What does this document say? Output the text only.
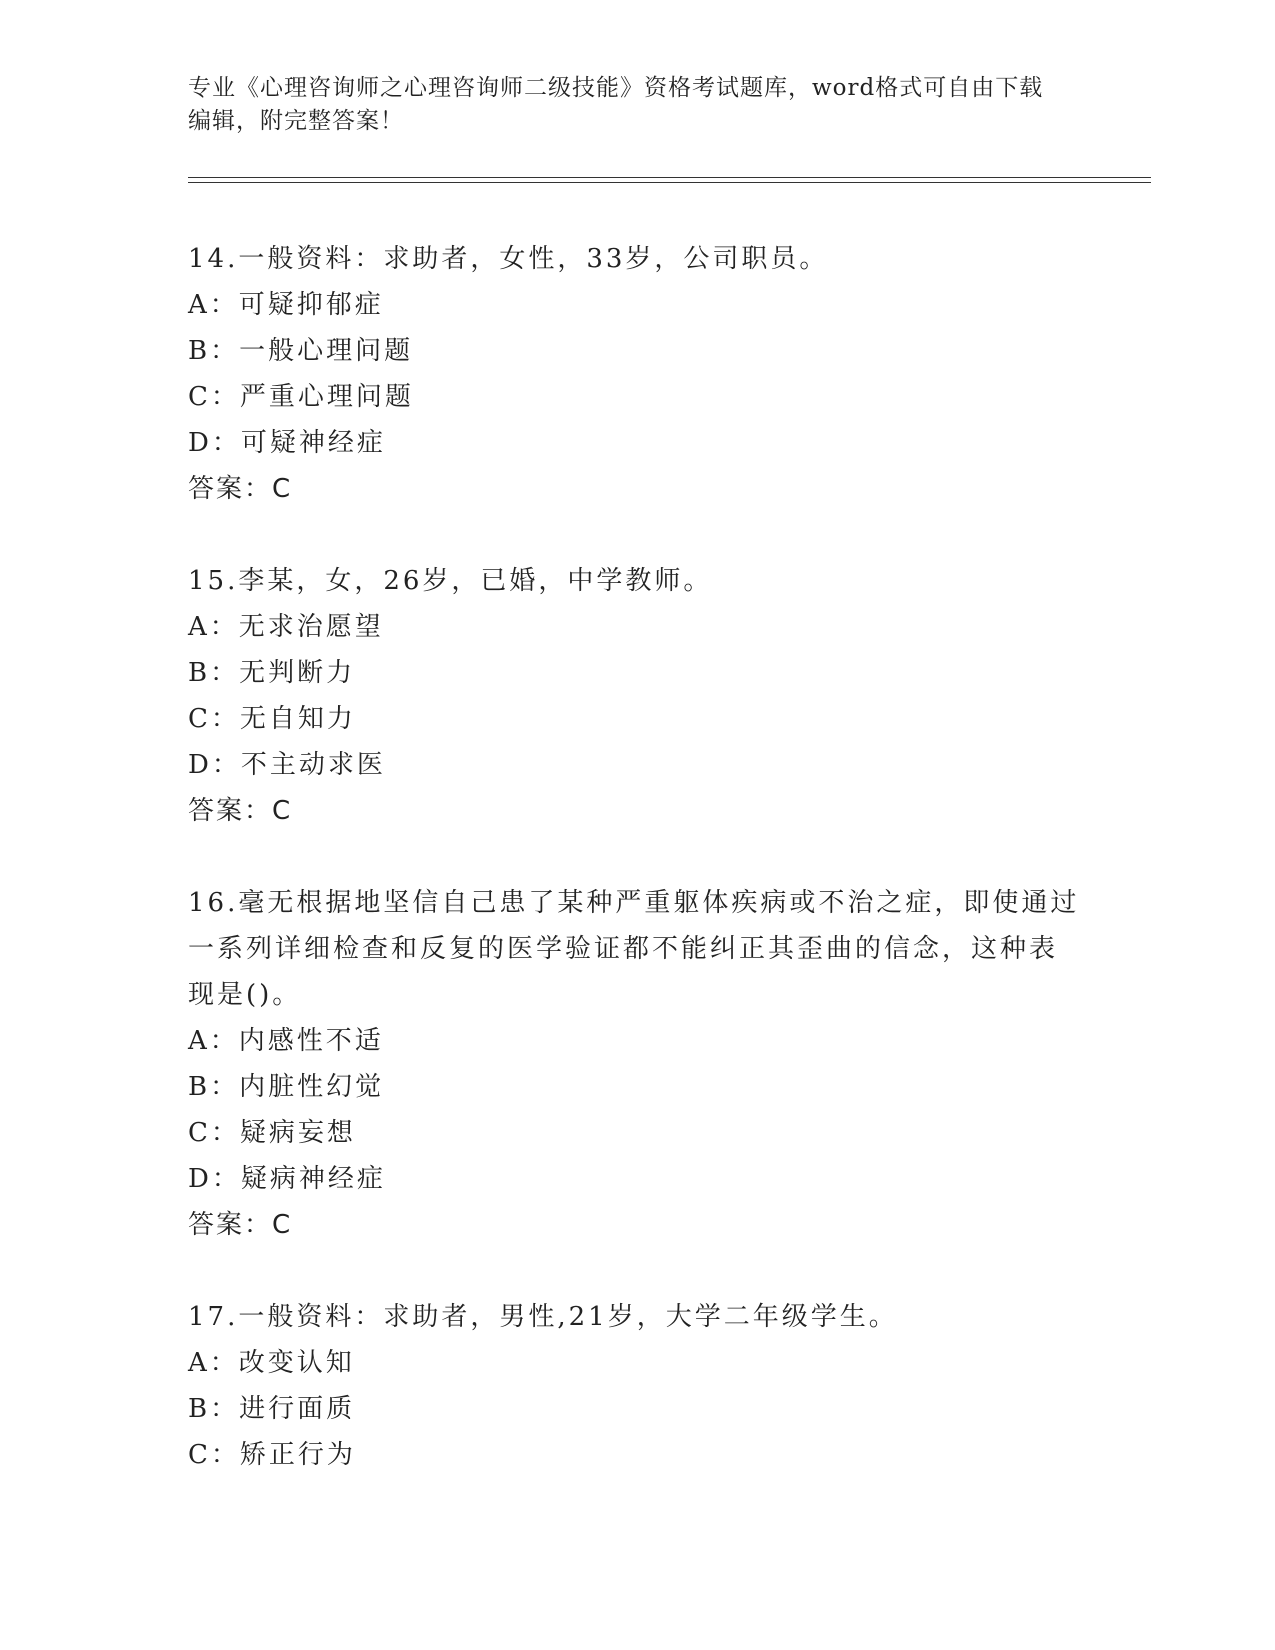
专业《心理咨询师之心理咨询师二级技能》资格考试题库，word格式可自由下载
编辑，附完整答案！
14.一般资料：求助者，女性，33岁，公司职员。
A：可疑抑郁症
B：一般心理问题
C：严重心理问题
D：可疑神经症
答案：C
15.李某，女，26岁，已婚，中学教师。
A：无求治愿望
B：无判断力
C：无自知力
D：不主动求医
答案：C
16.毫无根据地坚信自己患了某种严重躯体疾病或不治之症，即使通过
一系列详细检查和反复的医学验证都不能纠正其歪曲的信念，这种表
现是()。
A：内感性不适
B：内脏性幻觉
C：疑病妄想
D：疑病神经症
答案：C
17.一般资料：求助者，男性,21岁，大学二年级学生。
A：改变认知
B：进行面质
C：矫正行为
